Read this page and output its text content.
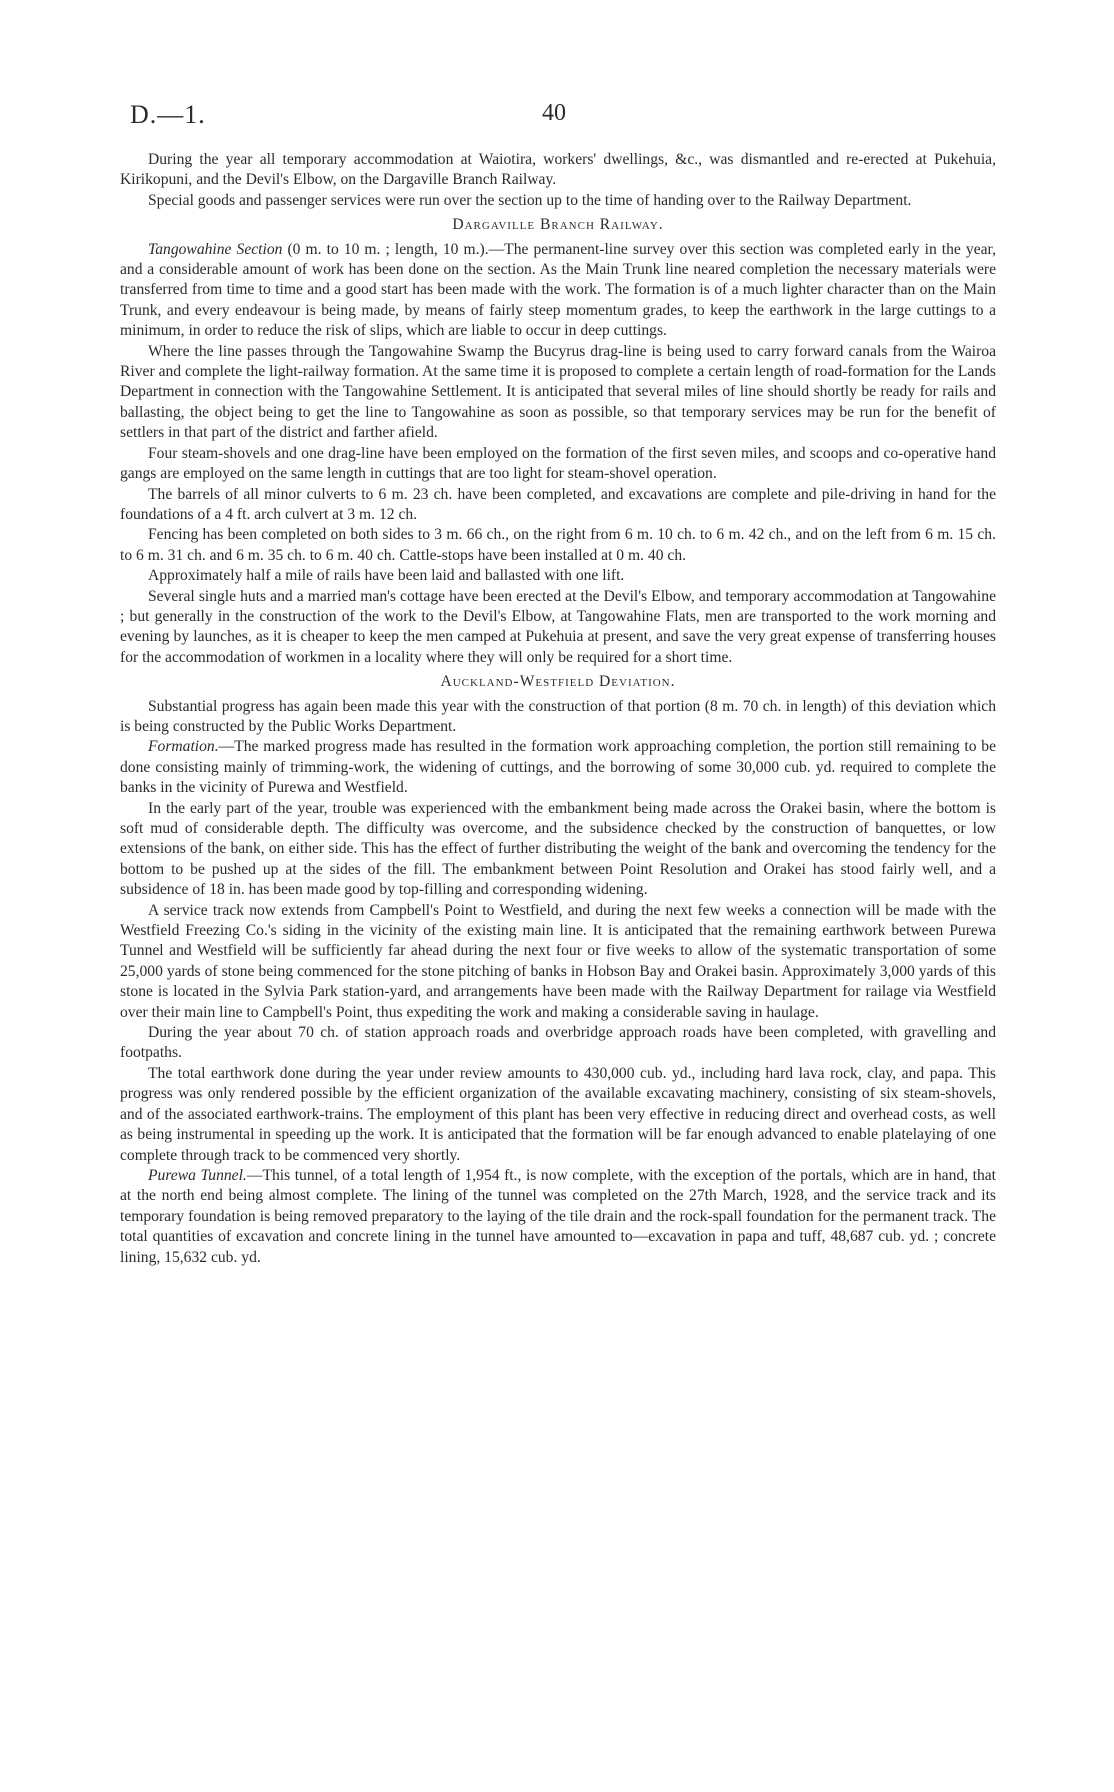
D.—1.	40

During the year all temporary accommodation at Waiotira, workers' dwellings, &c., was dismantled and re-erected at Pukehuia, Kirikopuni, and the Devil's Elbow, on the Dargaville Branch Railway.

Special goods and passenger services were run over the section up to the time of handing over to the Railway Department.

Dargaville Branch Railway.

Tangowahine Section (0 m. to 10 m. ; length, 10 m.).—The permanent-line survey over this section was completed early in the year, and a considerable amount of work has been done on the section. As the Main Trunk line neared completion the necessary materials were transferred from time to time and a good start has been made with the work. The formation is of a much lighter character than on the Main Trunk, and every endeavour is being made, by means of fairly steep momentum grades, to keep the earthwork in the large cuttings to a minimum, in order to reduce the risk of slips, which are liable to occur in deep cuttings.

Where the line passes through the Tangowahine Swamp the Bucyrus drag-line is being used to carry forward canals from the Wairoa River and complete the light-railway formation. At the same time it is proposed to complete a certain length of road-formation for the Lands Department in connection with the Tangowahine Settlement. It is anticipated that several miles of line should shortly be ready for rails and ballasting, the object being to get the line to Tangowahine as soon as possible, so that temporary services may be run for the benefit of settlers in that part of the district and farther afield.

Four steam-shovels and one drag-line have been employed on the formation of the first seven miles, and scoops and co-operative hand gangs are employed on the same length in cuttings that are too light for steam-shovel operation.

The barrels of all minor culverts to 6 m. 23 ch. have been completed, and excavations are complete and pile-driving in hand for the foundations of a 4 ft. arch culvert at 3 m. 12 ch.

Fencing has been completed on both sides to 3 m. 66 ch., on the right from 6 m. 10 ch. to 6 m. 42 ch., and on the left from 6 m. 15 ch. to 6 m. 31 ch. and 6 m. 35 ch. to 6 m. 40 ch. Cattle-stops have been installed at 0 m. 40 ch.

Approximately half a mile of rails have been laid and ballasted with one lift.

Several single huts and a married man's cottage have been erected at the Devil's Elbow, and temporary accommodation at Tangowahine ; but generally in the construction of the work to the Devil's Elbow, at Tangowahine Flats, men are transported to the work morning and evening by launches, as it is cheaper to keep the men camped at Pukehuia at present, and save the very great expense of transferring houses for the accommodation of workmen in a locality where they will only be required for a short time.

Auckland-Westfield Deviation.

Substantial progress has again been made this year with the construction of that portion (8 m. 70 ch. in length) of this deviation which is being constructed by the Public Works Department.

Formation.—The marked progress made has resulted in the formation work approaching completion, the portion still remaining to be done consisting mainly of trimming-work, the widening of cuttings, and the borrowing of some 30,000 cub. yd. required to complete the banks in the vicinity of Purewa and Westfield.

In the early part of the year, trouble was experienced with the embankment being made across the Orakei basin, where the bottom is soft mud of considerable depth. The difficulty was overcome, and the subsidence checked by the construction of banquettes, or low extensions of the bank, on either side. This has the effect of further distributing the weight of the bank and overcoming the tendency for the bottom to be pushed up at the sides of the fill. The embankment between Point Resolution and Orakei has stood fairly well, and a subsidence of 18 in. has been made good by top-filling and corresponding widening.

A service track now extends from Campbell's Point to Westfield, and during the next few weeks a connection will be made with the Westfield Freezing Co.'s siding in the vicinity of the existing main line. It is anticipated that the remaining earthwork between Purewa Tunnel and Westfield will be sufficiently far ahead during the next four or five weeks to allow of the systematic transportation of some 25,000 yards of stone being commenced for the stone pitching of banks in Hobson Bay and Orakei basin. Approximately 3,000 yards of this stone is located in the Sylvia Park station-yard, and arrangements have been made with the Railway Department for railage via Westfield over their main line to Campbell's Point, thus expediting the work and making a considerable saving in haulage.

During the year about 70 ch. of station approach roads and overbridge approach roads have been completed, with gravelling and footpaths.

The total earthwork done during the year under review amounts to 430,000 cub. yd., including hard lava rock, clay, and papa. This progress was only rendered possible by the efficient organization of the available excavating machinery, consisting of six steam-shovels, and of the associated earthwork-trains. The employment of this plant has been very effective in reducing direct and overhead costs, as well as being instrumental in speeding up the work. It is anticipated that the formation will be far enough advanced to enable platelaying of one complete through track to be commenced very shortly.

Purewa Tunnel.—This tunnel, of a total length of 1,954 ft., is now complete, with the exception of the portals, which are in hand, that at the north end being almost complete. The lining of the tunnel was completed on the 27th March, 1928, and the service track and its temporary foundation is being removed preparatory to the laying of the tile drain and the rock-spall foundation for the permanent track. The total quantities of excavation and concrete lining in the tunnel have amounted to—excavation in papa and tuff, 48,687 cub. yd. ; concrete lining, 15,632 cub. yd.
